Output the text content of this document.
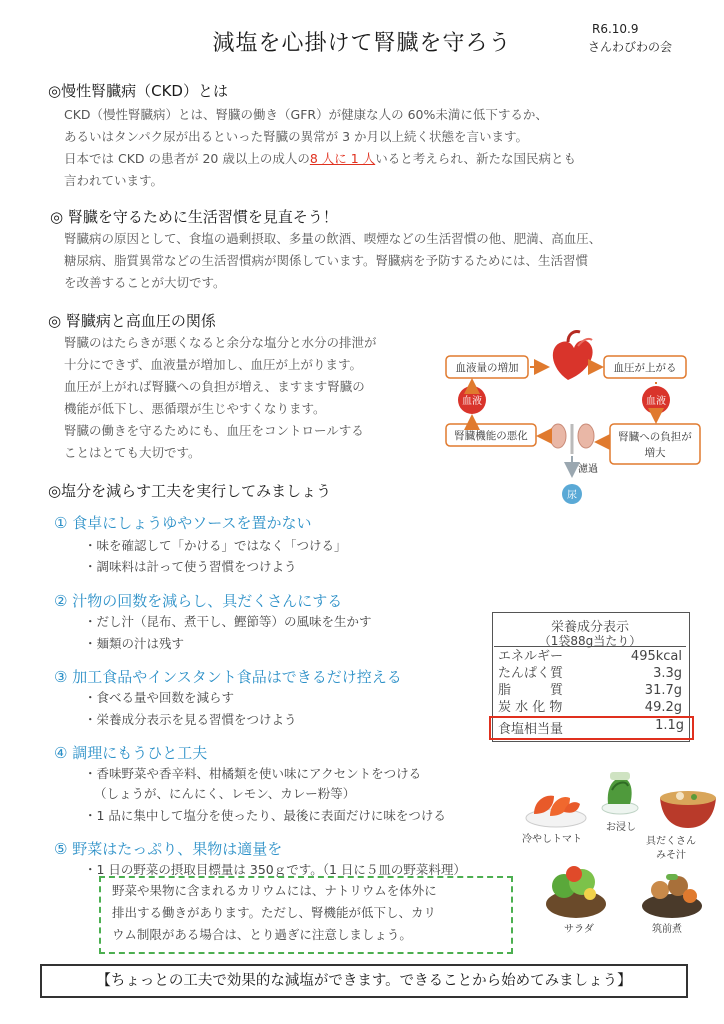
減塩を心掛けて腎臓を守ろう
R6.10.9
さんわびわの会
◎慢性腎臓病（CKD）とは
CKD（慢性腎臓病）とは、腎臓の働き（GFR）が健康な人の 60%未満に低下するか、
あるいはタンパク尿が出るといった腎臓の異常が 3 か月以上続く状態を言います。
日本では CKD の患者が 20 歳以上の成人の8 人に 1 人いると考えられ、新たな国民病とも
言われています。
◎ 腎臓を守るために生活習慣を見直そう！
腎臓病の原因として、食塩の過剰摂取、多量の飲酒、喫煙などの生活習慣の他、肥満、高血圧、
糖尿病、脂質異常などの生活習慣病が関係しています。腎臓病を予防するためには、生活習慣
を改善することが大切です。
◎ 腎臓病と高血圧の関係
腎臓のはたらきが悪くなると余分な塩分と水分の排泄が
十分にできず、血液量が増加し、血圧が上がります。
血圧が上がれば腎臓への負担が増え、ますます腎臓の
機能が低下し、悪循環が生じやすくなります。
腎臓の働きを守るためにも、血圧をコントロールする
ことはとても大切です。
血液量の増加	血圧が上がる
腎臓機能の悪化	腎臓への負担が
増大
血液	血液
濾過
尿
◎塩分を減らす工夫を実行してみましょう
① 食卓にしょうゆやソースを置かない
・味を確認して「かける」ではなく「つける」
・調味料は計って使う習慣をつけよう
② 汁物の回数を減らし、具だくさんにする
・だし汁（昆布、煮干し、鰹節等）の風味を生かす
・麺類の汁は残す
③ 加工食品やインスタント食品はできるだけ控える
・食べる量や回数を減らす
・栄養成分表示を見る習慣をつけよう
④ 調理にもうひと工夫
・香味野菜や香辛料、柑橘類を使い味にアクセントをつける
（しょうが、にんにく、レモン、カレー粉等）
・1 品に集中して塩分を使ったり、最後に表面だけに味をつける
⑤ 野菜はたっぷり、果物は適量を
・1 日の野菜の摂取目標量は 350ｇです。（1 日に５皿の野菜料理）
野菜や果物に含まれるカリウムには、ナトリウムを体外に
排出する働きがあります。ただし、腎機能が低下し、カリ
ウム制限がある場合は、とり過ぎに注意しましょう。
栄養成分表示
（1袋88g当たり）
エネルギー	495kcal
たんぱく質	3.3g
脂　　　質	31.7g
炭 水 化 物	49.2g
食塩相当量	1.1g
冷やしトマト
お浸し
具だくさん
みそ汁
サラダ	筑前煮
【ちょっとの工夫で効果的な減塩ができます。できることから始めてみましょう】
